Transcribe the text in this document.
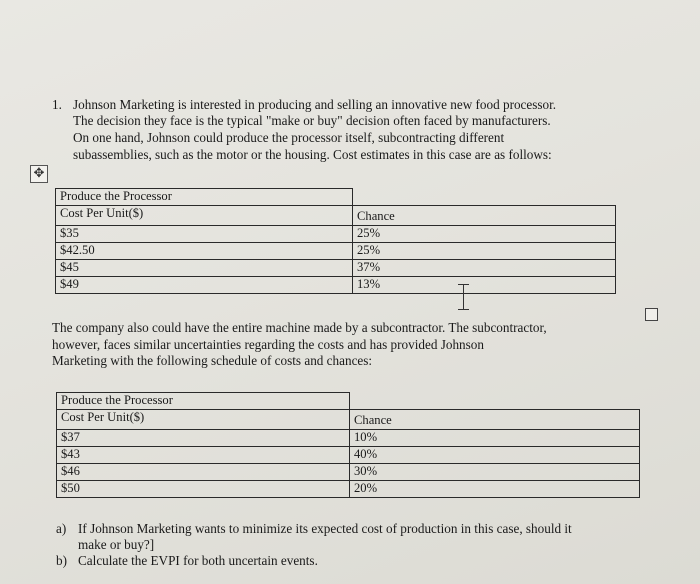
1. Johnson Marketing is interested in producing and selling an innovative new food processor.
The decision they face is the typical "make or buy" decision often faced by manufacturers.
On one hand, Johnson could produce the processor itself, subcontracting different
subassemblies, such as the motor or the housing. Cost estimates in this case are as follows:
✥
Produce the Processor	
Cost Per Unit($)	Chance
$35	25%
$42.50	25%
$45	37%
$49	13%
The company also could have the entire machine made by a subcontractor. The subcontractor,
however, faces similar uncertainties regarding the costs and has provided Johnson
Marketing with the following schedule of costs and chances:
Produce the Processor	
Cost Per Unit($)	Chance
$37	10%
$43	40%
$46	30%
$50	20%
a) If Johnson Marketing wants to minimize its expected cost of production in this case, should it
make or buy?]
b) Calculate the EVPI for both uncertain events.
